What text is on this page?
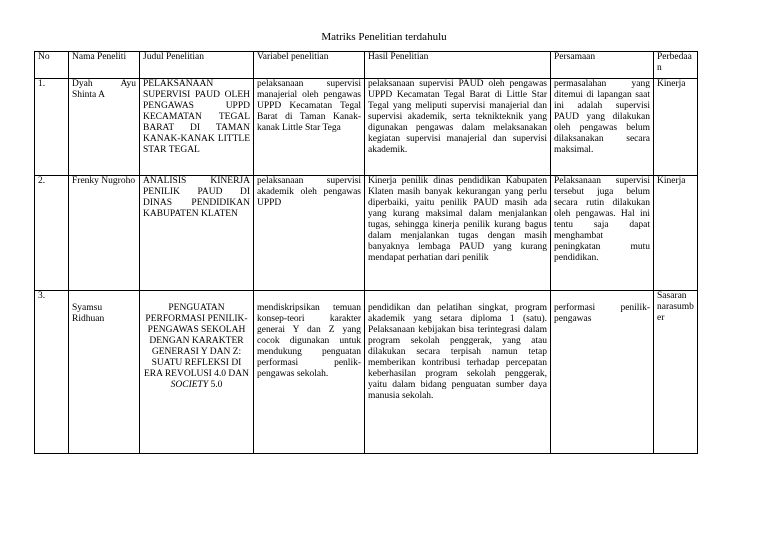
Matriks Penelitian terdahulu
No	Nama Peneliti	Judul Penelitian	Variabel penelitian	Hasil Penelitian	Persamaan	Perbedaan
1.	Dyah Ayu Shinta A	PELAKSANAAN SUPERVISI PAUD OLEH PENGAWAS UPPD KECAMATAN TEGAL BARAT DI TAMAN KANAK-KANAK LITTLE STAR TEGAL	pelaksanaan supervisi manajerial oleh pengawas UPPD Kecamatan Tegal Barat di Taman Kanak-kanak Little Star Tega	pelaksanaan supervisi PAUD oleh pengawas UPPD Kecamatan Tegal Barat di Little Star Tegal yang meliputi supervisi manajerial dan supervisi akademik, serta teknikteknik yang digunakan pengawas dalam melaksanakan kegiatan supervisi manajerial dan supervisi akademik.	permasalahan yang ditemui di lapangan saat ini adalah supervisi PAUD yang dilakukan oleh pengawas belum dilaksanakan secara maksimal.	Kinerja
2.	Frenky Nugroho	ANALISIS KINERJA PENILIK PAUD DI DINAS PENDIDIKAN KABUPATEN KLATEN	pelaksanaan supervisi akademik oleh pengawas UPPD	Kinerja penilik dinas pendidikan Kabupaten Klaten masih banyak kekurangan yang perlu diperbaiki, yaitu penilik PAUD masih ada yang kurang maksimal dalam menjalankan tugas, sehingga kinerja penilik kurang bagus dalam menjalankan tugas dengan masih banyaknya lembaga PAUD yang kurang mendapat perhatian dari penilik	Pelaksanaan supervisi tersebut juga belum secara rutin dilakukan oleh pengawas. Hal ini tentu saja dapat menghambat peningkatan mutu pendidikan.	Kinerja
3.	Syamsu Ridhuan	PENGUATAN PERFORMASI PENILIK-PENGAWAS SEKOLAH DENGAN KARAKTER GENERASI Y DAN Z: SUATU REFLEKSI DI ERA REVOLUSI 4.0 DAN SOCIETY 5.0	mendiskripsikan temuan konsep-teori karakter generai Y dan Z yang cocok digunakan untuk mendukung penguatan performasi penlik-pengawas sekolah.	pendidikan dan pelatihan singkat, program akademik yang setara diploma 1 (satu). Pelaksanaan kebijakan bisa terintegrasi dalam program sekolah penggerak, yang atau dilakukan secara terpisah namun tetap memberikan kontribusi terhadap percepatan keberhasilan program sekolah penggerak, yaitu dalam bidang penguatan sumber daya manusia sekolah.	performasi penilik-pengawas	Sasaran narasumber
